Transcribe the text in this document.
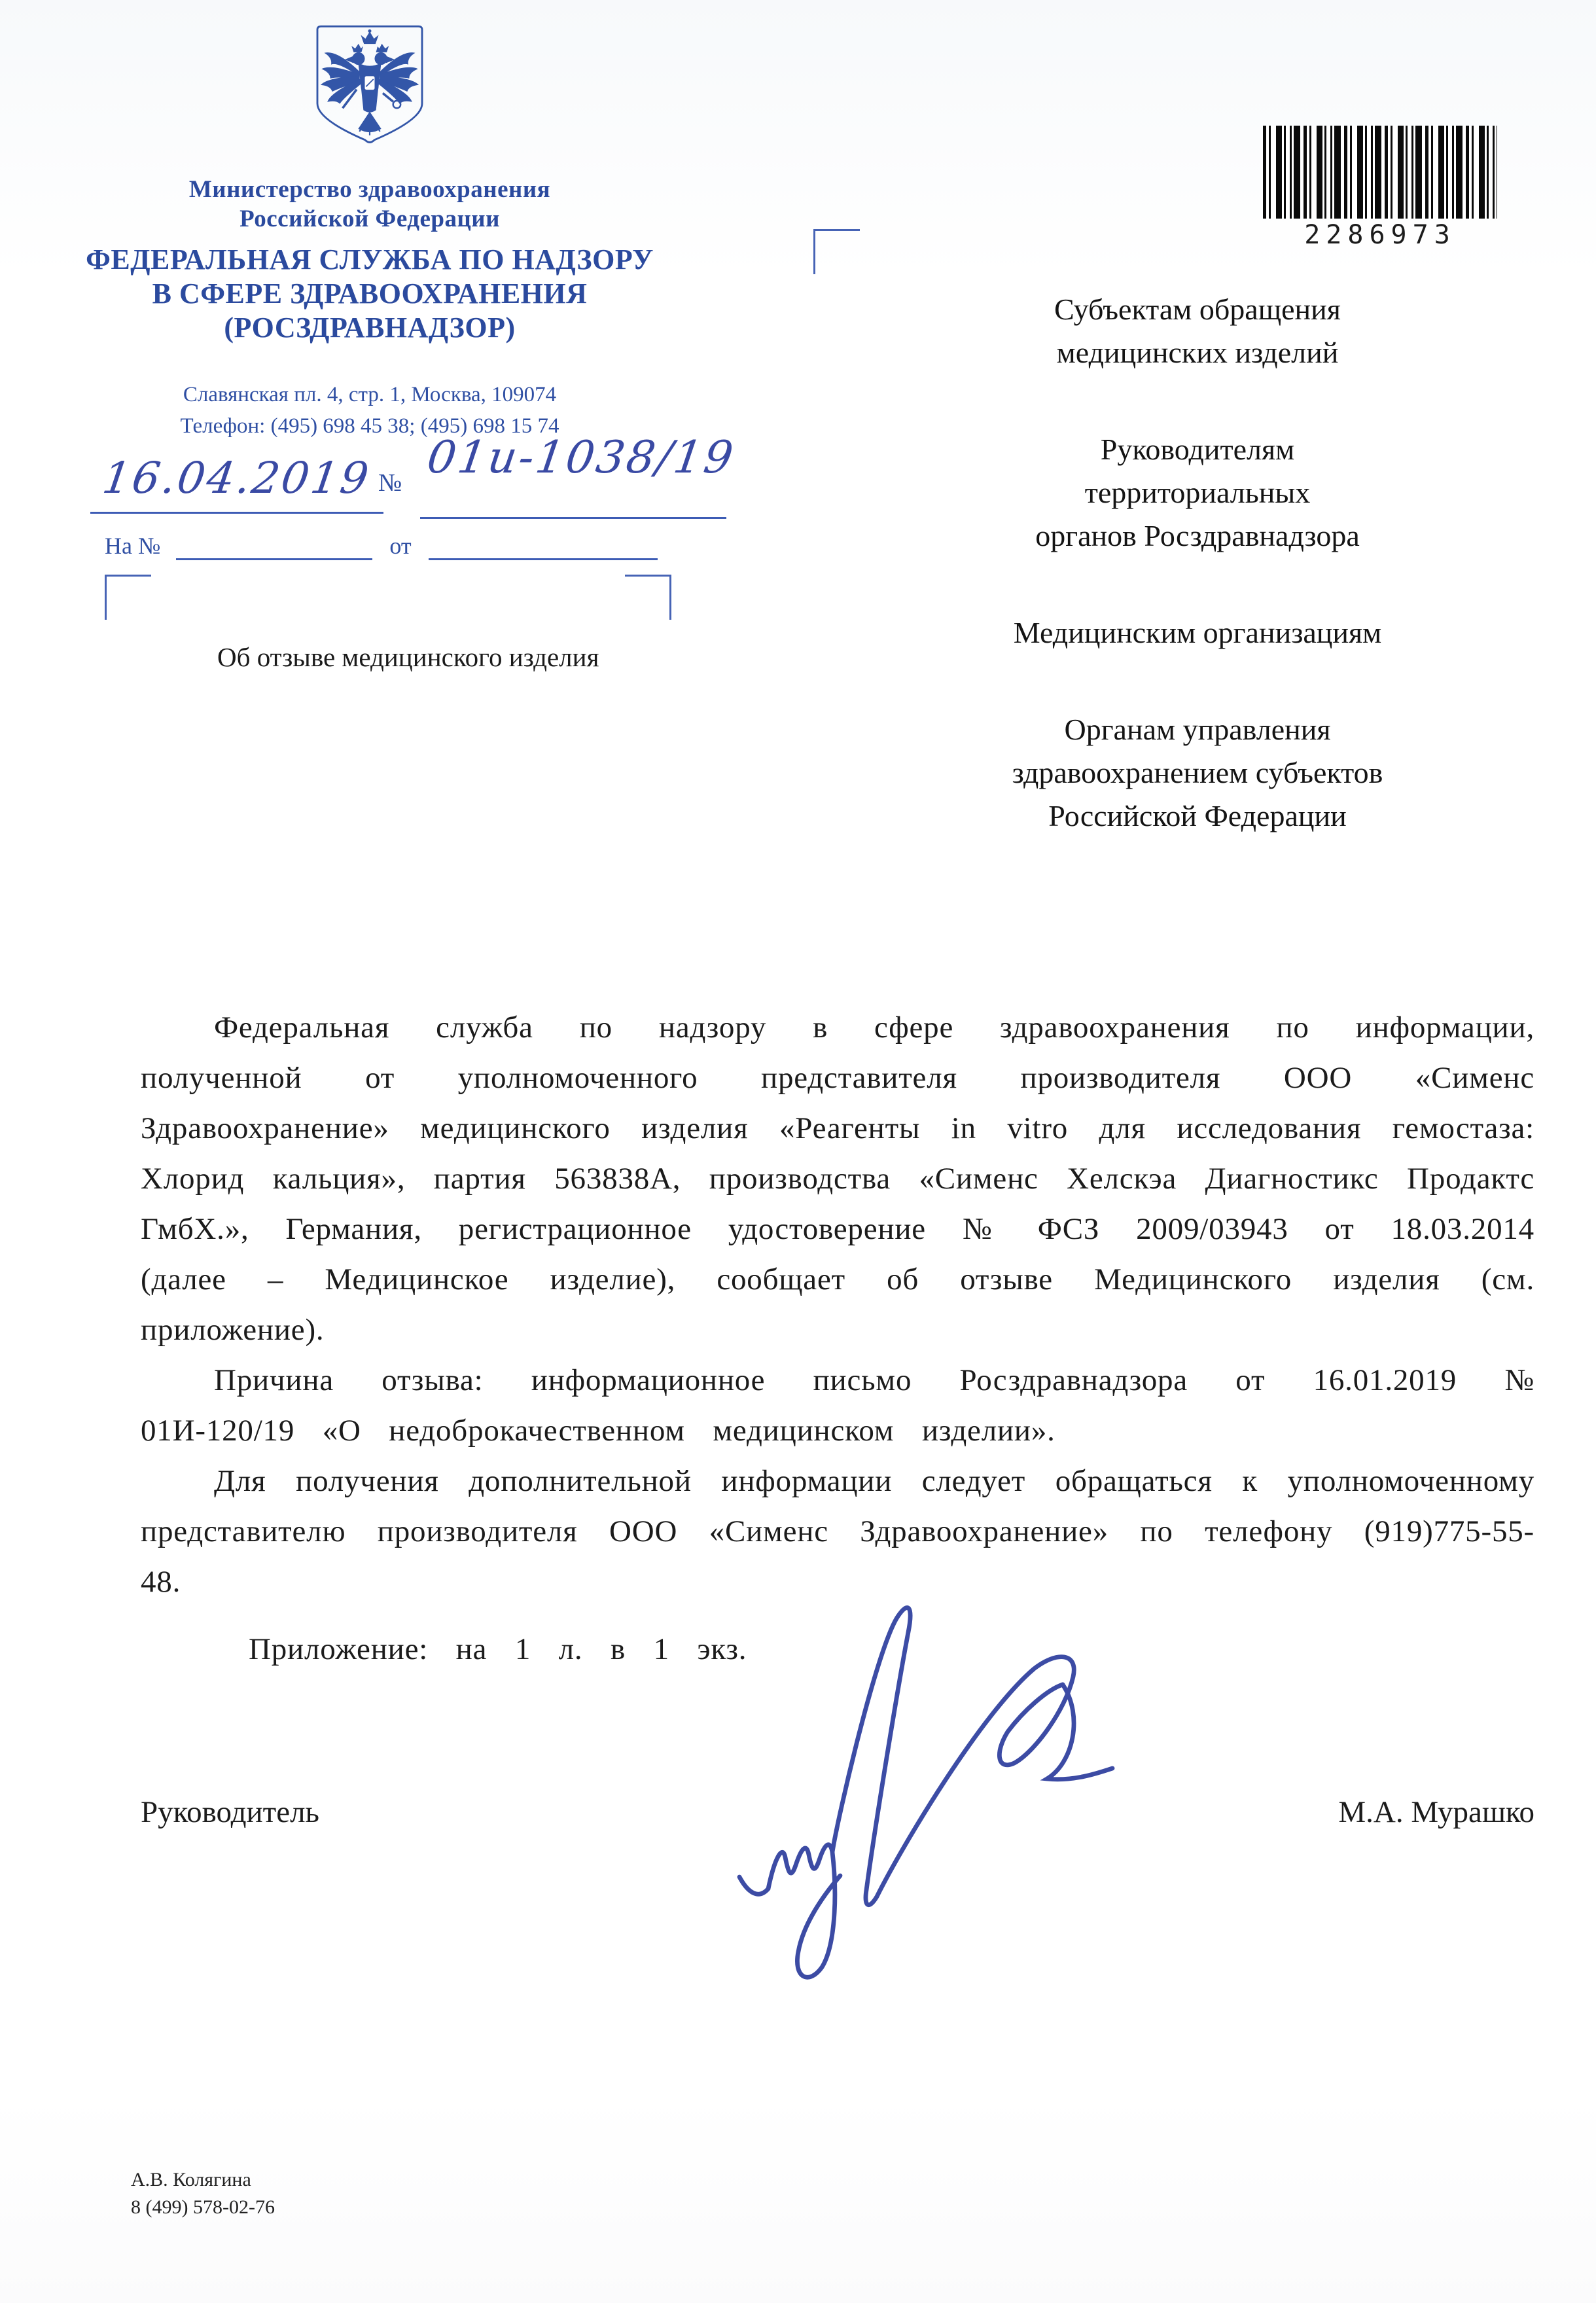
Министерство здравоохранения
Российской Федерации
ФЕДЕРАЛЬНАЯ СЛУЖБА ПО НАДЗОРУ
В СФЕРЕ ЗДРАВООХРАНЕНИЯ
(РОСЗДРАВНАДЗОР)
Славянская пл. 4, стр. 1, Москва, 109074
Телефон: (495) 698 45 38; (495) 698 15 74
2286973
16.04.2019 № 01и-1038/19
На №	от
Субъектам обращения
медицинских изделий
Руководителям
территориальных
органов Росздравнадзора
Медицинским организациям
Органам управления
здравоохранением субъектов
Российской Федерации
Об отзыве медицинского изделия

Федеральная служба по надзору в сфере здравоохранения по информации, полученной от уполномоченного представителя производителя ООО «Сименс Здравоохранение» медицинского изделия «Реагенты in vitro для исследования гемостаза: Хлорид кальция», партия 563838А, производства «Сименс Хелскэа Диагностикс Продактс ГмбХ.», Германия, регистрационное удостоверение № ФСЗ 2009/03943 от 18.03.2014 (далее – Медицинское изделие), сообщает об отзыве Медицинского изделия (см. приложение).

Причина отзыва: информационное письмо Росздравнадзора от 16.01.2019 № 01И-120/19 «О недоброкачественном медицинском изделии».

Для получения дополнительной информации следует обращаться к уполномоченному представителю производителя ООО «Сименс Здравоохранение» по телефону (919)775-55-48.

Приложение: на 1 л. в 1 экз.
Руководитель	М.А. Мурашко
А.В. Колягина
8 (499) 578-02-76
